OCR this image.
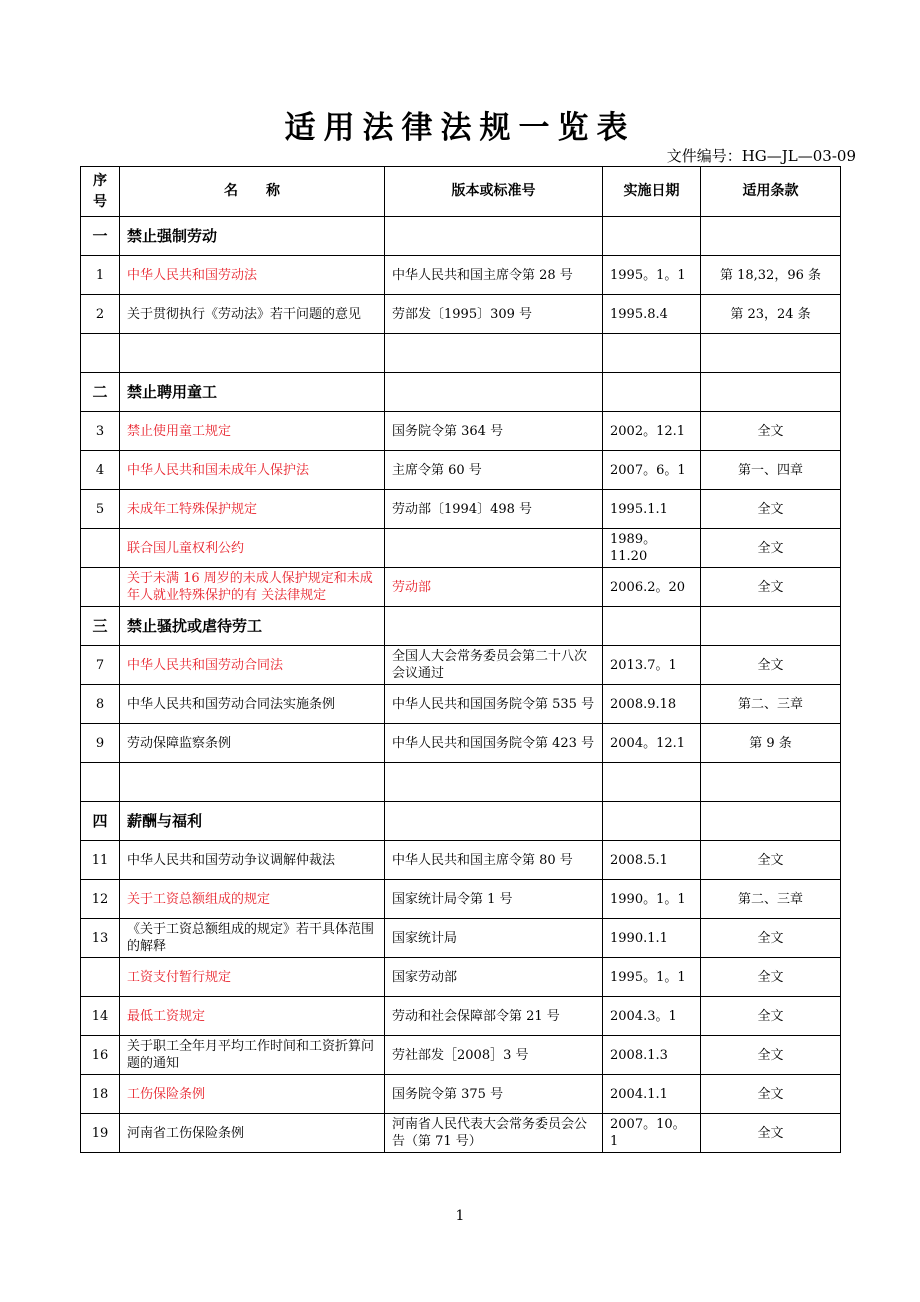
适用法律法规一览表
文件编号：HG—JL—03-09
序号	名　　称	版本或标准号	实施日期	适用条款
一	禁止强制劳动			
1	中华人民共和国劳动法	中华人民共和国主席令第 28 号	1995。1。1	第 18,32，96 条
2	关于贯彻执行《劳动法》若干问题的意见	劳部发〔1995〕309 号	1995.8.4	第 23，24 条

二	禁止聘用童工			
3	禁止使用童工规定	国务院令第 364 号	2002。12.1	全文
4	中华人民共和国未成年人保护法	主席令第 60 号	2007。6。1	第一、四章
5	未成年工特殊保护规定	劳动部〔1994〕498 号	1995.1.1	全文
	联合国儿童权利公约		1989。11.20	全文
	关于未满 16 周岁的未成人保护规定和未成年人就业特殊保护的有 关法律规定	劳动部	2006.2。20	全文
三	禁止骚扰或虐待劳工			
7	中华人民共和国劳动合同法	全国人大会常务委员会第二十八次会议通过	2013.7。1	全文
8	中华人民共和国劳动合同法实施条例	中华人民共和国国务院令第 535 号	2008.9.18	第二、三章
9	劳动保障监察条例	中华人民共和国国务院令第 423 号	2004。12.1	第 9 条

四	薪酬与福利			
11	中华人民共和国劳动争议调解仲裁法	中华人民共和国主席令第 80 号	2008.5.1	全文
12	关于工资总额组成的规定	国家统计局令第 1 号	1990。1。1	第二、三章
13	《关于工资总额组成的规定》若干具体范围的解释	国家统计局	1990.1.1	全文
	工资支付暂行规定	国家劳动部	1995。1。1	全文
14	最低工资规定	劳动和社会保障部令第 21 号	2004.3。1	全文
16	关于职工全年月平均工作时间和工资折算问题的通知	劳社部发［2008］3 号	2008.1.3	全文
18	工伤保险条例	国务院令第 375 号	2004.1.1	全文
19	河南省工伤保险条例	河南省人民代表大会常务委员会公告（第 71 号）	2007。10。1	全文
1
